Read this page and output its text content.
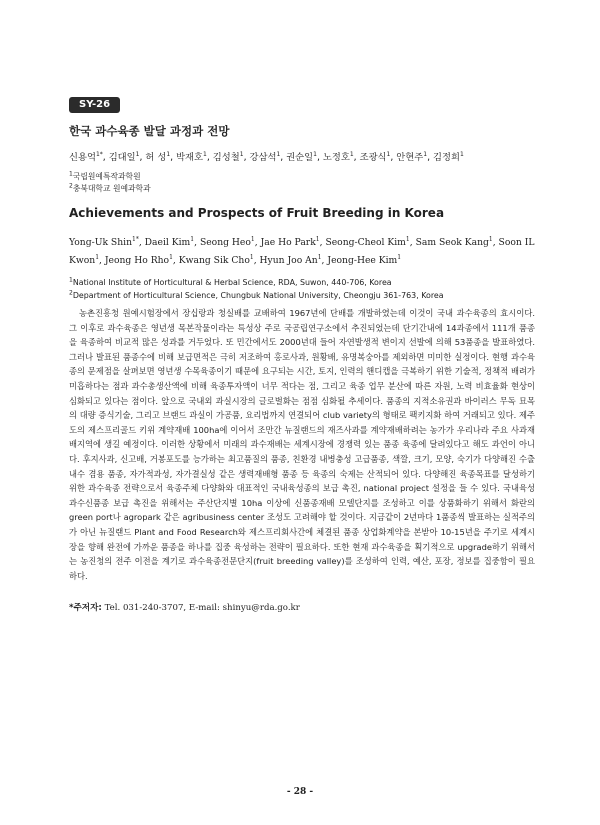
SY-26
한국 과수육종 발달 과정과 전망
신용억$^{1*}$, 김대일$^1$, 허 성$^1$, 박재호$^1$, 김성철$^1$, 강삼석$^1$, 권순일$^1$, 노정호$^1$, 조광식$^1$, 안현주$^1$, 김정희$^1$
$^1$국립원예특작과학원
$^2$충북대학교 원예과학과
Achievements and Prospects of Fruit Breeding in Korea
Yong-Uk Shin$^{1*}$, Daeil Kim$^1$, Seong Heo$^1$, Jae Ho Park$^1$, Seong-Cheol Kim$^1$, Sam Seok Kang$^1$, Soon IL Kwon$^1$, Jeong Ho Rho$^1$, Kwang Sik Cho$^1$, Hyun Joo An$^1$, Jeong-Hee Kim$^1$
$^1$National Institute of Horticultural & Herbal Science, RDA, Suwon, 440-706, Korea
$^2$Department of Horticultural Science, Chungbuk National University, Cheongju 361-763, Korea

농촌진흥청 원예시험장에서 장십랑과 청실배를 교배하여 1967년에 단배를 개발하였는데 이것이 국내 과수육종의 효시이다. 그 이후로 과수육종은 영년생 목본작물이라는 특성상 주로 국공립연구소에서 추진되었는데 단기간내에 14과종에서 111개 품종을 육종하여 비교적 많은 성과를 거두었다. 또 민간에서도 2000년대 들어 자연발생적 변이지 선발에 의해 53품종을 발표하였다. 그러나 발표된 품종수에 비해 보급면적은 극히 저조하여 홍로사과, 원황배, 유명복숭아를 제외하면 미미한 실정이다. 현행 과수육종의 문제점을 살펴보면 영년생 수목육종이기 때문에 요구되는 시간, 토지, 인력의 핸디캡을 극복하기 위한 기술적, 정책적 배려가 미흡하다는 점과 과수총생산액에 비해 육종투자액이 너무 적다는 점, 그리고 육종 업무 분산에 따른 자원, 노력 비효율화 현상이 심화되고 있다는 점이다. 앞으로 국내외 과실시장의 글로벌화는 점점 심화될 추세이다. 품종의 지적소유권과 바이러스 무독 묘목의 대량 증식기술, 그리고 브랜드 과실이 가공품, 요리법까지 연결되어 club variety의 형태로 팩키지화 하여 거래되고 있다. 제주도의 제스프리골드 키위 계약재배 100ha에 이어서 조만간 뉴질랜드의 재즈사과를 계약재배하려는 농가가 우리나라 주요 사과재배지역에 생길 예정이다. 이러한 상황에서 미래의 과수재배는 세계시장에 경쟁력 있는 품종 육종에 달려있다고 해도 과언이 아니다. 후지사과, 신고배, 거봉포도를 능가하는 최고품질의 품종, 친환경 내병충성 고급품종, 색깔, 크기, 모양, 숙기가 다양해진 수출내수 겸용 품종, 자가적과성, 자가결실성 같은 생력재배형 품종 등 육종의 숙제는 산적되어 있다. 다양해진 육종목표를 달성하기 위한 과수육종 전략으로서 육종주체 다양화와 대표적인 국내육성종의 보급 촉진, national project 설정을 들 수 있다. 국내육성 과수신품종 보급 촉진을 위해서는 주산단지별 10ha 이상에 신품종재배 모델단지를 조성하고 이를 상품화하기 위해서 화란의 green port나 agropark 같은 agribusiness center 조성도 고려해야 할 것이다. 지금같이 2년마다 1품종씩 발표하는 실적주의가 아닌 뉴질랜드 Plant and Food Research와 제스프리회사간에 체결된 품종 상업화계약을 본받아 10-15년을 주기로 세계시장을 향해 완전에 가까운 품종을 하나를 집중 육성하는 전략이 필요하다. 또한 현재 과수육종을 획기적으로 upgrade하기 위해서는 농진청의 전주 이전을 계기로 과수육종전문단지(fruit breeding valley)를 조성하여 인력, 예산, 포장, 정보를 집중함이 필요하다.

*주저자: Tel. 031-240-3707, E-mail: shinyu@rda.go.kr
- 28 -
